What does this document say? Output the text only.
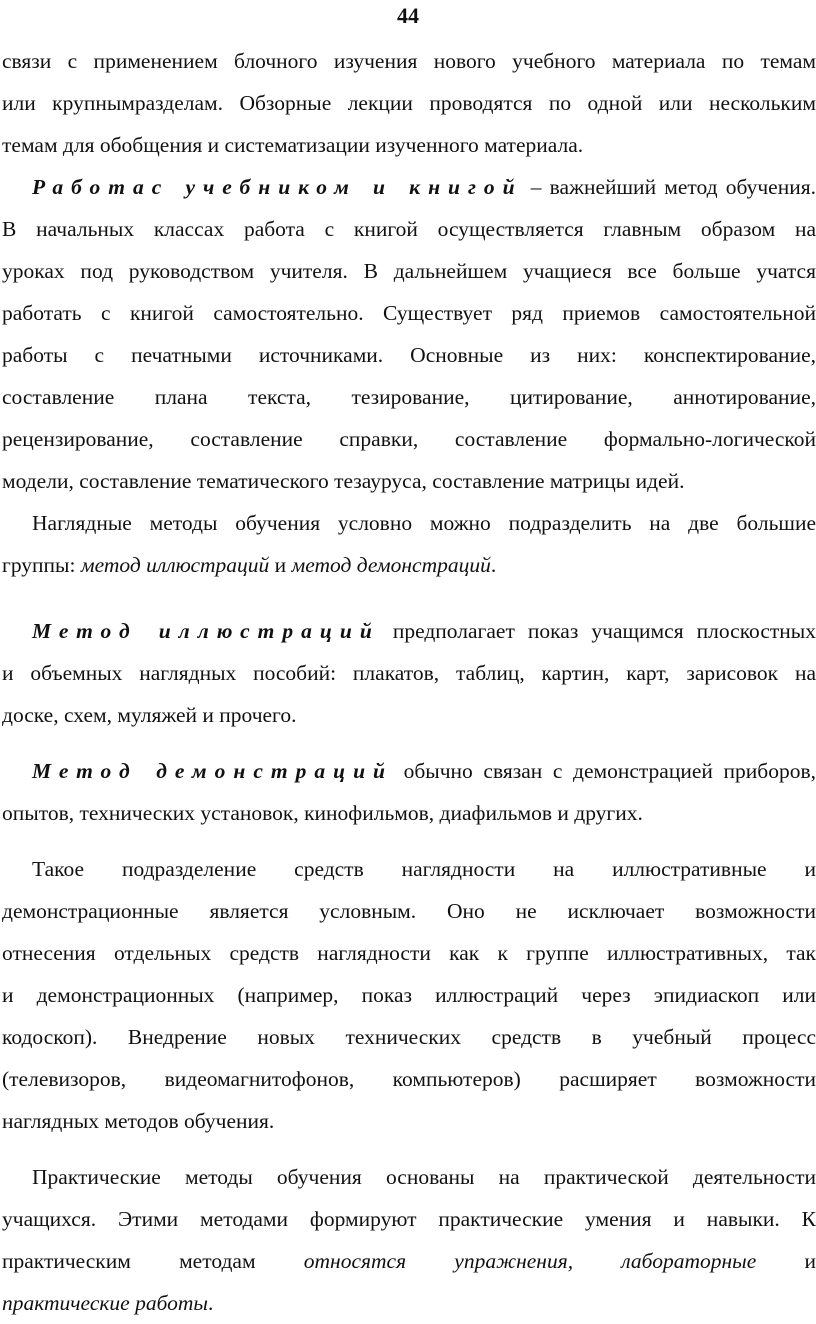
44
связи с применением блочного изучения нового учебного материала по темам
или крупнымразделам. Обзорные лекции проводятся по одной или нескольким
темам для обобщения и систематизации изученного материала.
Работас учебником и книгой – важнейший метод обучения.
В начальных классах работа с книгой осуществляется главным образом на
уроках под руководством учителя. В дальнейшем учащиеся все больше учатся
работать с книгой самостоятельно. Существует ряд приемов самостоятельной
работы с печатными источниками. Основные из них: конспектирование,
составление плана текста, тезирование, цитирование, аннотирование,
рецензирование, составление справки, составление формально-логической
модели, составление тематического тезауруса, составление матрицы идей.
Наглядные методы обучения условно можно подразделить на две большие
группы: метод иллюстраций и метод демонстраций.
Метод иллюстраций предполагает показ учащимся плоскостных
и объемных наглядных пособий: плакатов, таблиц, картин, карт, зарисовок на
доске, схем, муляжей и прочего.
Метод демонстраций обычно связан с демонстрацией приборов,
опытов, технических установок, кинофильмов, диафильмов и других.
Такое подразделение средств наглядности на иллюстративные и
демонстрационные является условным. Оно не исключает возможности
отнесения отдельных средств наглядности как к группе иллюстративных, так
и демонстрационных (например, показ иллюстраций через эпидиаскоп или
кодоскоп). Внедрение новых технических средств в учебный процесс
(телевизоров, видеомагнитофонов, компьютеров) расширяет возможности
наглядных методов обучения.
Практические методы обучения основаны на практической деятельности
учащихся. Этими методами формируют практические умения и навыки. К
практическим методам относятся упражнения, лабораторные и
практические работы.
